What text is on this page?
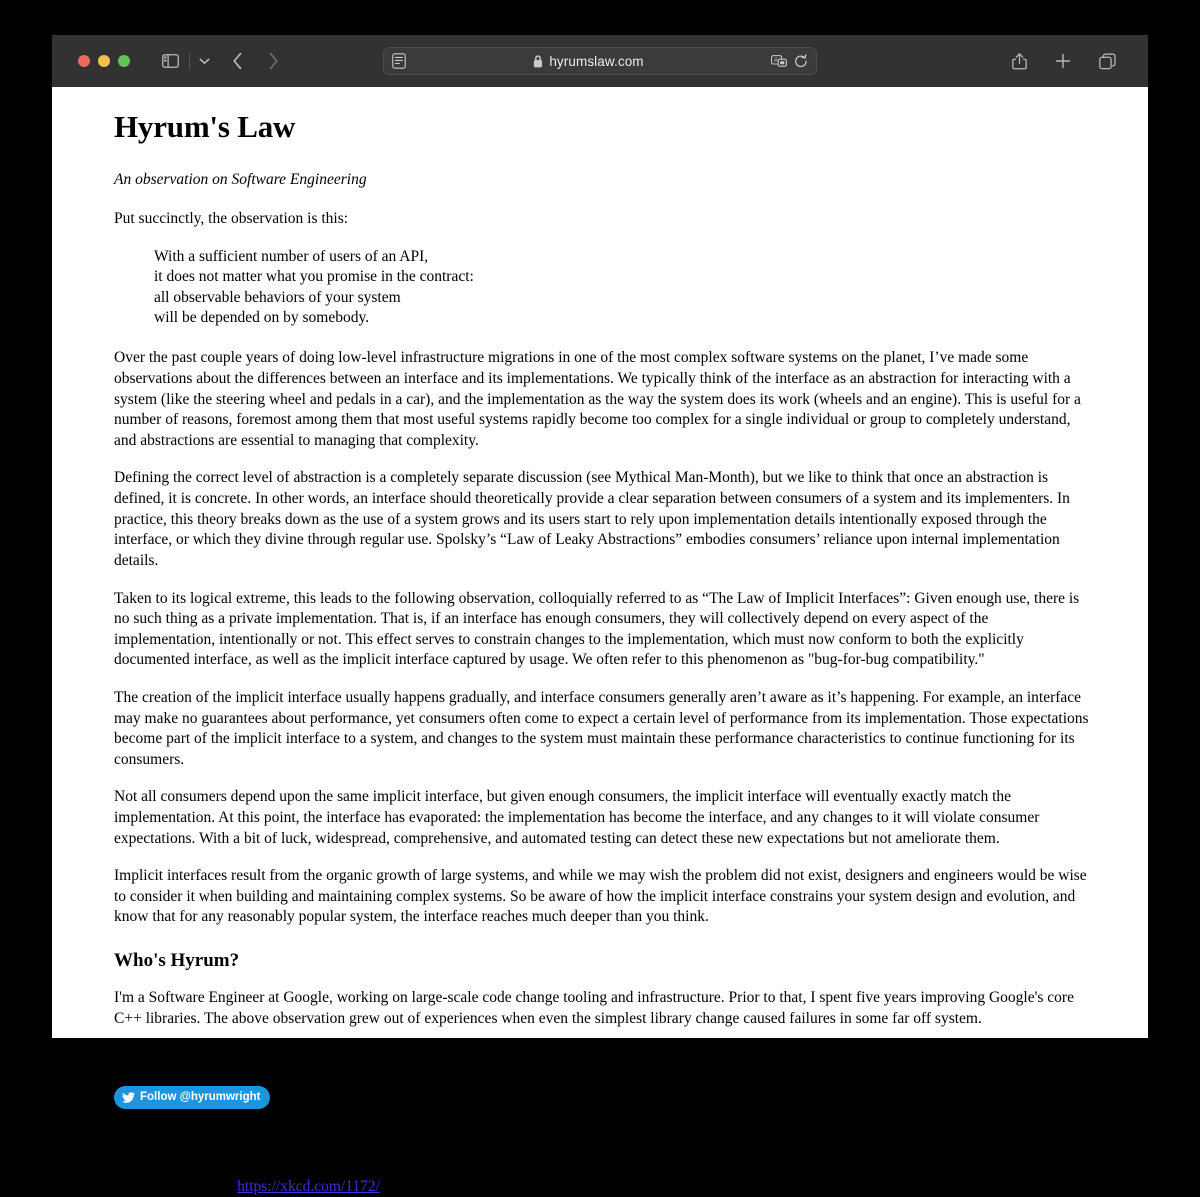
hyrumslaw.com	A
Hyrum's Law
An observation on Software Engineering

Put succinctly, the observation is this:

With a sufficient number of users of an API,
it does not matter what you promise in the contract:
all observable behaviors of your system
will be depended on by somebody.

Over the past couple years of doing low-level infrastructure migrations in one of the most complex software systems on the planet, I’ve made some observations about the differences between an interface and its implementations. We typically think of the interface as an abstraction for interacting with a system (like the steering wheel and pedals in a car), and the implementation as the way the system does its work (wheels and an engine). This is useful for a number of reasons, foremost among them that most useful systems rapidly become too complex for a single individual or group to completely understand, and abstractions are essential to managing that complexity.

Defining the correct level of abstraction is a completely separate discussion (see Mythical Man-Month), but we like to think that once an abstraction is defined, it is concrete. In other words, an interface should theoretically provide a clear separation between consumers of a system and its implementers. In practice, this theory breaks down as the use of a system grows and its users start to rely upon implementation details intentionally exposed through the interface, or which they divine through regular use. Spolsky’s “Law of Leaky Abstractions” embodies consumers’ reliance upon internal implementation details.

Taken to its logical extreme, this leads to the following observation, colloquially referred to as “The Law of Implicit Interfaces”: Given enough use, there is no such thing as a private implementation. That is, if an interface has enough consumers, they will collectively depend on every aspect of the implementation, intentionally or not. This effect serves to constrain changes to the implementation, which must now conform to both the explicitly documented interface, as well as the implicit interface captured by usage. We often refer to this phenomenon as "bug-for-bug compatibility."

The creation of the implicit interface usually happens gradually, and interface consumers generally aren’t aware as it’s happening. For example, an interface may make no guarantees about performance, yet consumers often come to expect a certain level of performance from its implementation. Those expectations become part of the implicit interface to a system, and changes to the system must maintain these performance characteristics to continue functioning for its consumers.

Not all consumers depend upon the same implicit interface, but given enough consumers, the implicit interface will eventually exactly match the implementation. At this point, the interface has evaporated: the implementation has become the interface, and any changes to it will violate consumer expectations. With a bit of luck, widespread, comprehensive, and automated testing can detect these new expectations but not ameliorate them.

Implicit interfaces result from the organic growth of large systems, and while we may wish the problem did not exist, designers and engineers would be wise to consider it when building and maintaining complex systems. So be aware of how the implicit interface constrains your system design and evolution, and know that for any reasonably popular system, the interface reaches much deeper than you think.

Who's Hyrum?

I'm a Software Engineer at Google, working on large-scale code change tooling and infrastructure. Prior to that, I spent five years improving Google's core C++ libraries. The above observation grew out of experiences when even the simplest library change caused failures in some far off system.

While I may have made the observation, credit goes to Titus Winters for actually naming it as "Hyrum's Law" and popularizing the concept more broadly.

Follow @hyrumwright
History

Obligatory XKCD: https://xkcd.com/1172/
